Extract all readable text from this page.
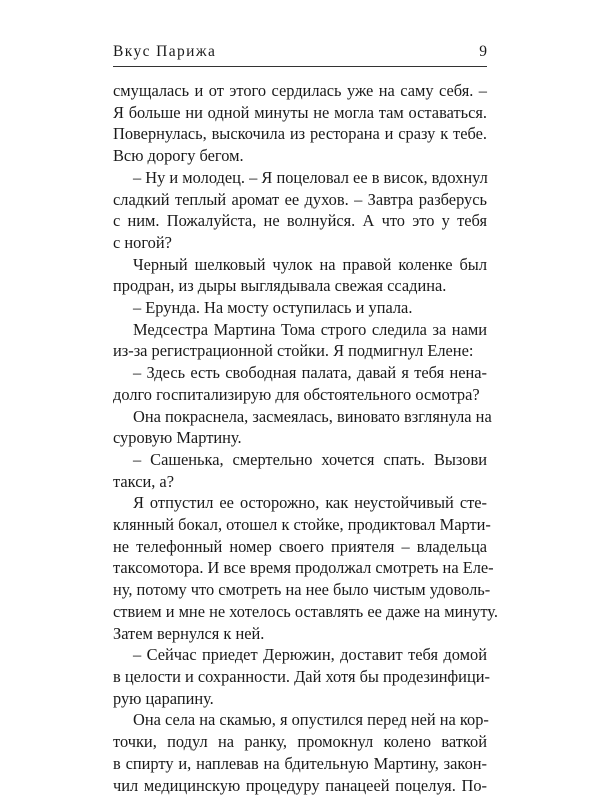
Вкус Парижа	9

смущалась и от этого сердилась уже на саму себя. –
Я больше ни одной минуты не могла там оставаться.
Повернулась, выскочила из ресторана и сразу к тебе.
Всю дорогу бегом.

– Ну и молодец. – Я поцеловал ее в висок, вдохнул
сладкий теплый аромат ее духов. – Завтра разберусь
с ним. Пожалуйста, не волнуйся. А что это у тебя
с ногой?

Черный шелковый чулок на правой коленке был
продран, из дыры выглядывала свежая ссадина.

– Ерунда. На мосту оступилась и упала.

Медсестра Мартина Тома строго следила за нами
из-за регистрационной стойки. Я подмигнул Елене:

– Здесь есть свободная палата, давай я тебя нена-
долго госпитализирую для обстоятельного осмотра?

Она покраснела, засмеялась, виновато взглянула на
суровую Мартину.

– Сашенька, смертельно хочется спать. Вызови
такси, а?

Я отпустил ее осторожно, как неустойчивый сте-
клянный бокал, отошел к стойке, продиктовал Марти-
не телефонный номер своего приятеля – владельца
таксомотора. И все время продолжал смотреть на Еле-
ну, потому что смотреть на нее было чистым удоволь-
ствием и мне не хотелось оставлять ее даже на минуту.
Затем вернулся к ней.

– Сейчас приедет Дерюжин, доставит тебя домой
в целости и сохранности. Дай хотя бы продезинфици-
рую царапину.

Она села на скамью, я опустился перед ней на кор-
точки, подул на ранку, промокнул колено ваткой
в спирту и, наплевав на бдительную Мартину, закон-
чил медицинскую процедуру панацеей поцелуя. По-
